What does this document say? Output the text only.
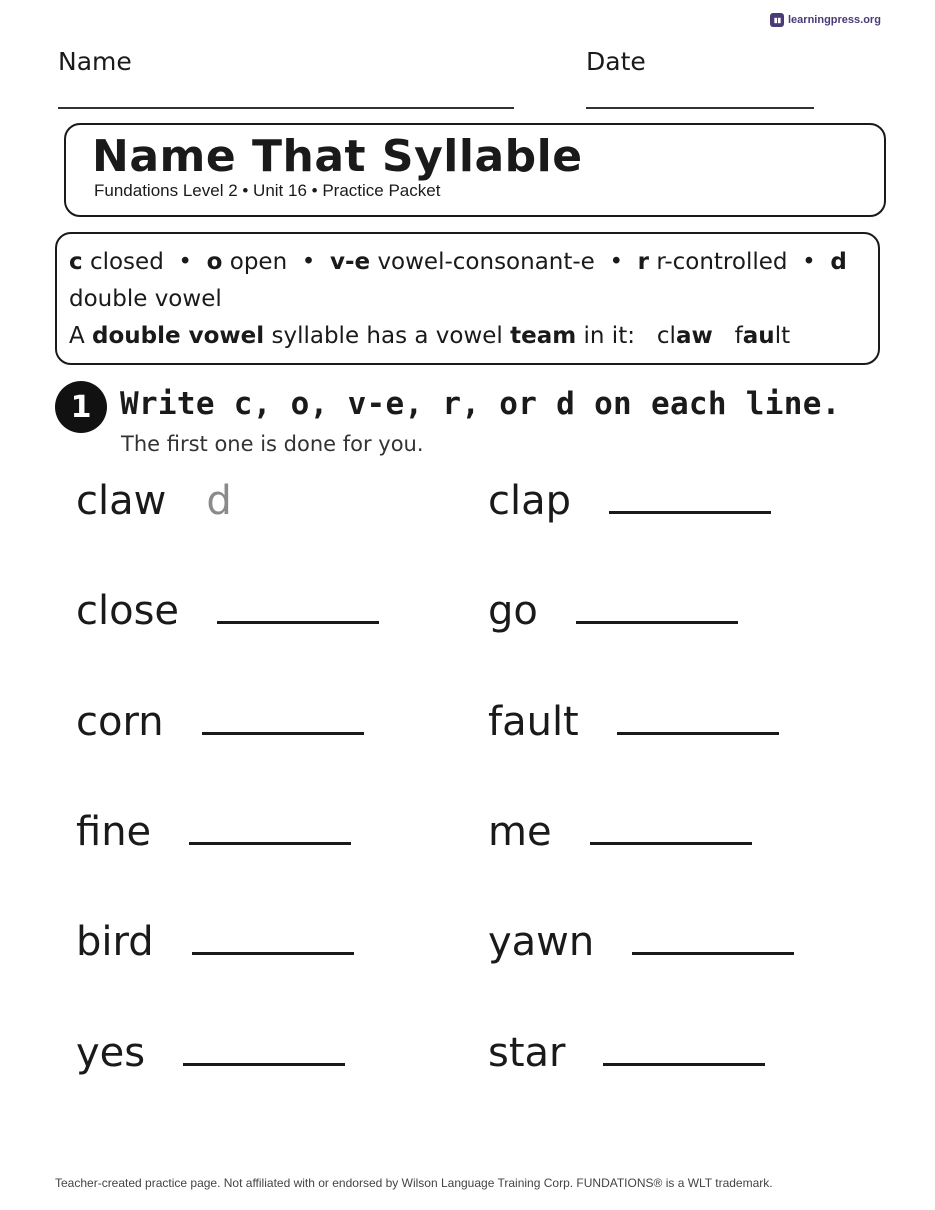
learningpress.org
Name	Date
Name That Syllable
Fundations Level 2 • Unit 16 • Practice Packet
c closed • o open • v-e vowel-consonant-e • r r-controlled • d double vowel
A double vowel syllable has a vowel team in it: claw fault
1 Write c, o, v-e, r, or d on each line.
The first one is done for you.
claw d
close
corn
fine
bird
yes
clap
go
fault
me
yawn
star
Teacher-created practice page. Not affiliated with or endorsed by Wilson Language Training Corp. FUNDATIONS® is a WLT trademark.
